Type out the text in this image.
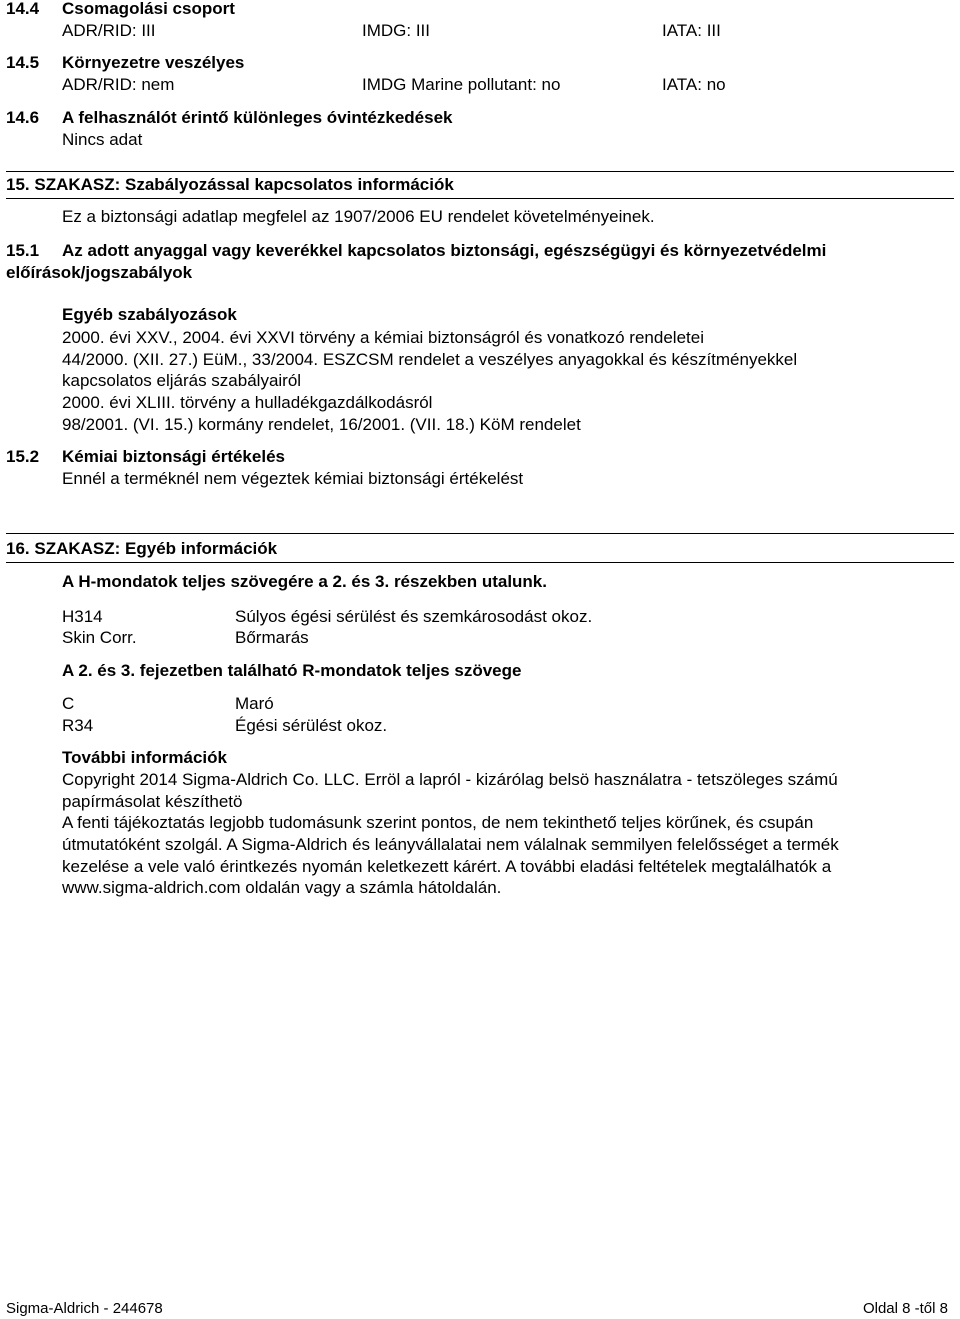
14.4 Csomagolási csoport
ADR/RID: III	IMDG: III	IATA: III
14.5 Környezetre veszélyes
ADR/RID: nem	IMDG Marine pollutant: no	IATA: no
14.6 A felhasználót érintő különleges óvintézkedések
Nincs adat
15. SZAKASZ: Szabályozással kapcsolatos információk
Ez a biztonsági adatlap megfelel az 1907/2006 EU rendelet követelményeinek.
15.1 Az adott anyaggal vagy keverékkel kapcsolatos biztonsági, egészségügyi és környezetvédelmi
előírások/jogszabályok
Egyéb szabályozások
2000. évi XXV., 2004. évi XXVI törvény a kémiai biztonságról és vonatkozó rendeletei
44/2000. (XII. 27.) EüM., 33/2004. ESZCSM rendelet a veszélyes anyagokkal és készítményekkel
kapcsolatos eljárás szabályairól
2000. évi XLIII. törvény a hulladékgazdálkodásról
98/2001. (VI. 15.) kormány rendelet, 16/2001. (VII. 18.) KöM rendelet
15.2 Kémiai biztonsági értékelés
Ennél a terméknél nem végeztek kémiai biztonsági értékelést
16. SZAKASZ: Egyéb információk
A H-mondatok teljes szövegére a 2. és 3. részekben utalunk.
H314	Súlyos égési sérülést és szemkárosodást okoz.
Skin Corr.	Bőrmarás
A 2. és 3. fejezetben található R-mondatok teljes szövege
C	Maró
R34	Égési sérülést okoz.
További információk
Copyright 2014 Sigma-Aldrich Co. LLC. Erröl a lapról - kizárólag belsö használatra - tetszöleges számú
papírmásolat készíthetö
A fenti tájékoztatás legjobb tudomásunk szerint pontos, de nem tekinthető teljes körűnek, és csupán
útmutatóként szolgál. A Sigma-Aldrich és leányvállalatai nem válalnak semmilyen felelősséget a termék
kezelése a vele való érintkezés nyomán keletkezett kárért. A további eladási feltételek megtalálhatók a
www.sigma-aldrich.com oldalán vagy a számla hátoldalán.
Sigma-Aldrich - 244678	Oldal 8 -től 8
